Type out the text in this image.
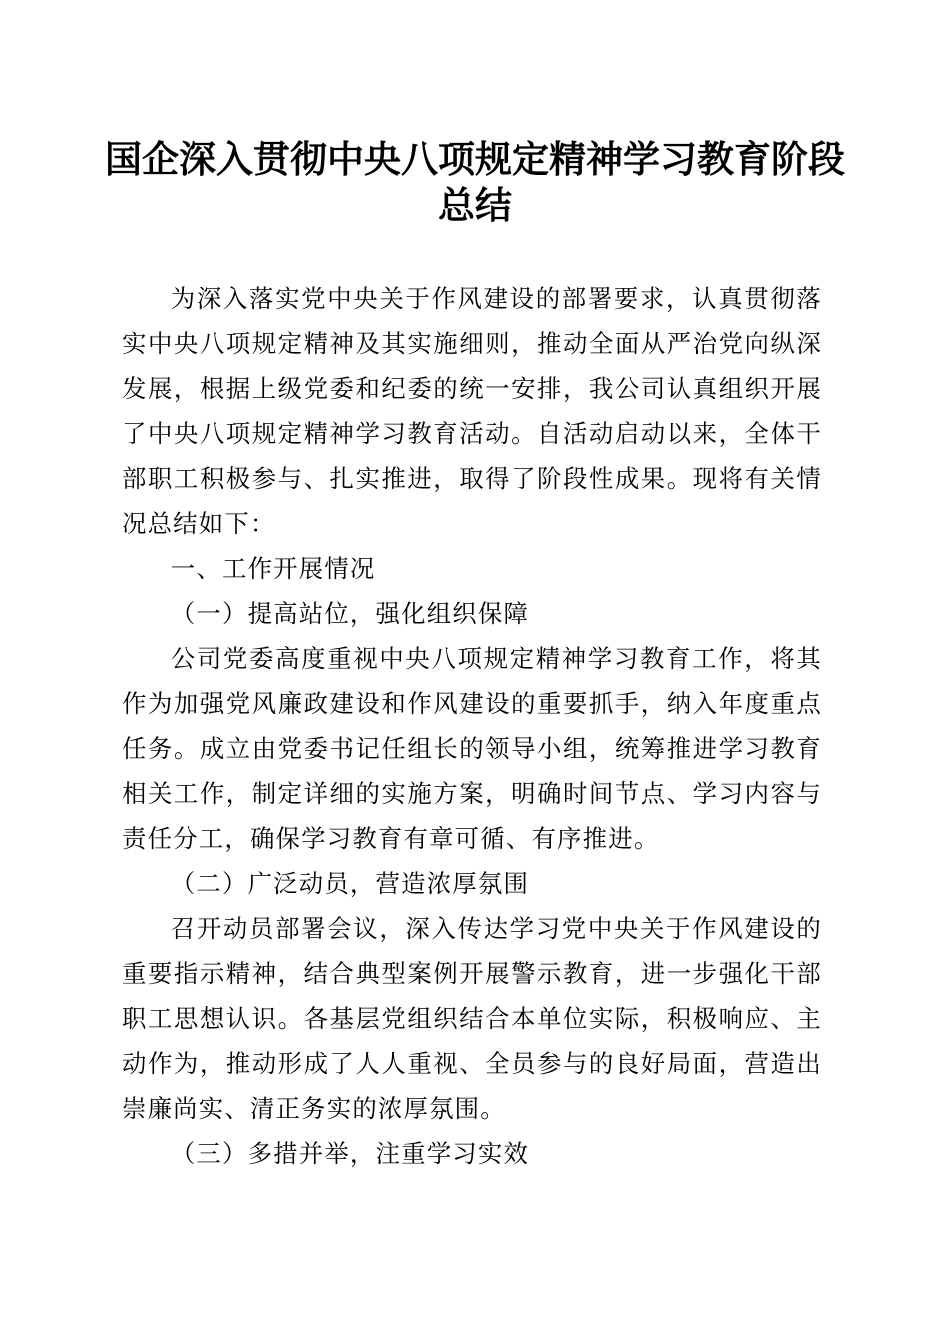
国企深入贯彻中央八项规定精神学习教育阶段
总结

为深入落实党中央关于作风建设的部署要求，认真贯彻落实中央八项规定精神及其实施细则，推动全面从严治党向纵深发展，根据上级党委和纪委的统一安排，我公司认真组织开展了中央八项规定精神学习教育活动。自活动启动以来，全体干部职工积极参与、扎实推进，取得了阶段性成果。现将有关情况总结如下：

一、工作开展情况

（一）提高站位，强化组织保障

公司党委高度重视中央八项规定精神学习教育工作，将其作为加强党风廉政建设和作风建设的重要抓手，纳入年度重点任务。成立由党委书记任组长的领导小组，统筹推进学习教育相关工作，制定详细的实施方案，明确时间节点、学习内容与责任分工，确保学习教育有章可循、有序推进。

（二）广泛动员，营造浓厚氛围

召开动员部署会议，深入传达学习党中央关于作风建设的重要指示精神，结合典型案例开展警示教育，进一步强化干部职工思想认识。各基层党组织结合本单位实际，积极响应、主动作为，推动形成了人人重视、全员参与的良好局面，营造出崇廉尚实、清正务实的浓厚氛围。

（三）多措并举，注重学习实效
